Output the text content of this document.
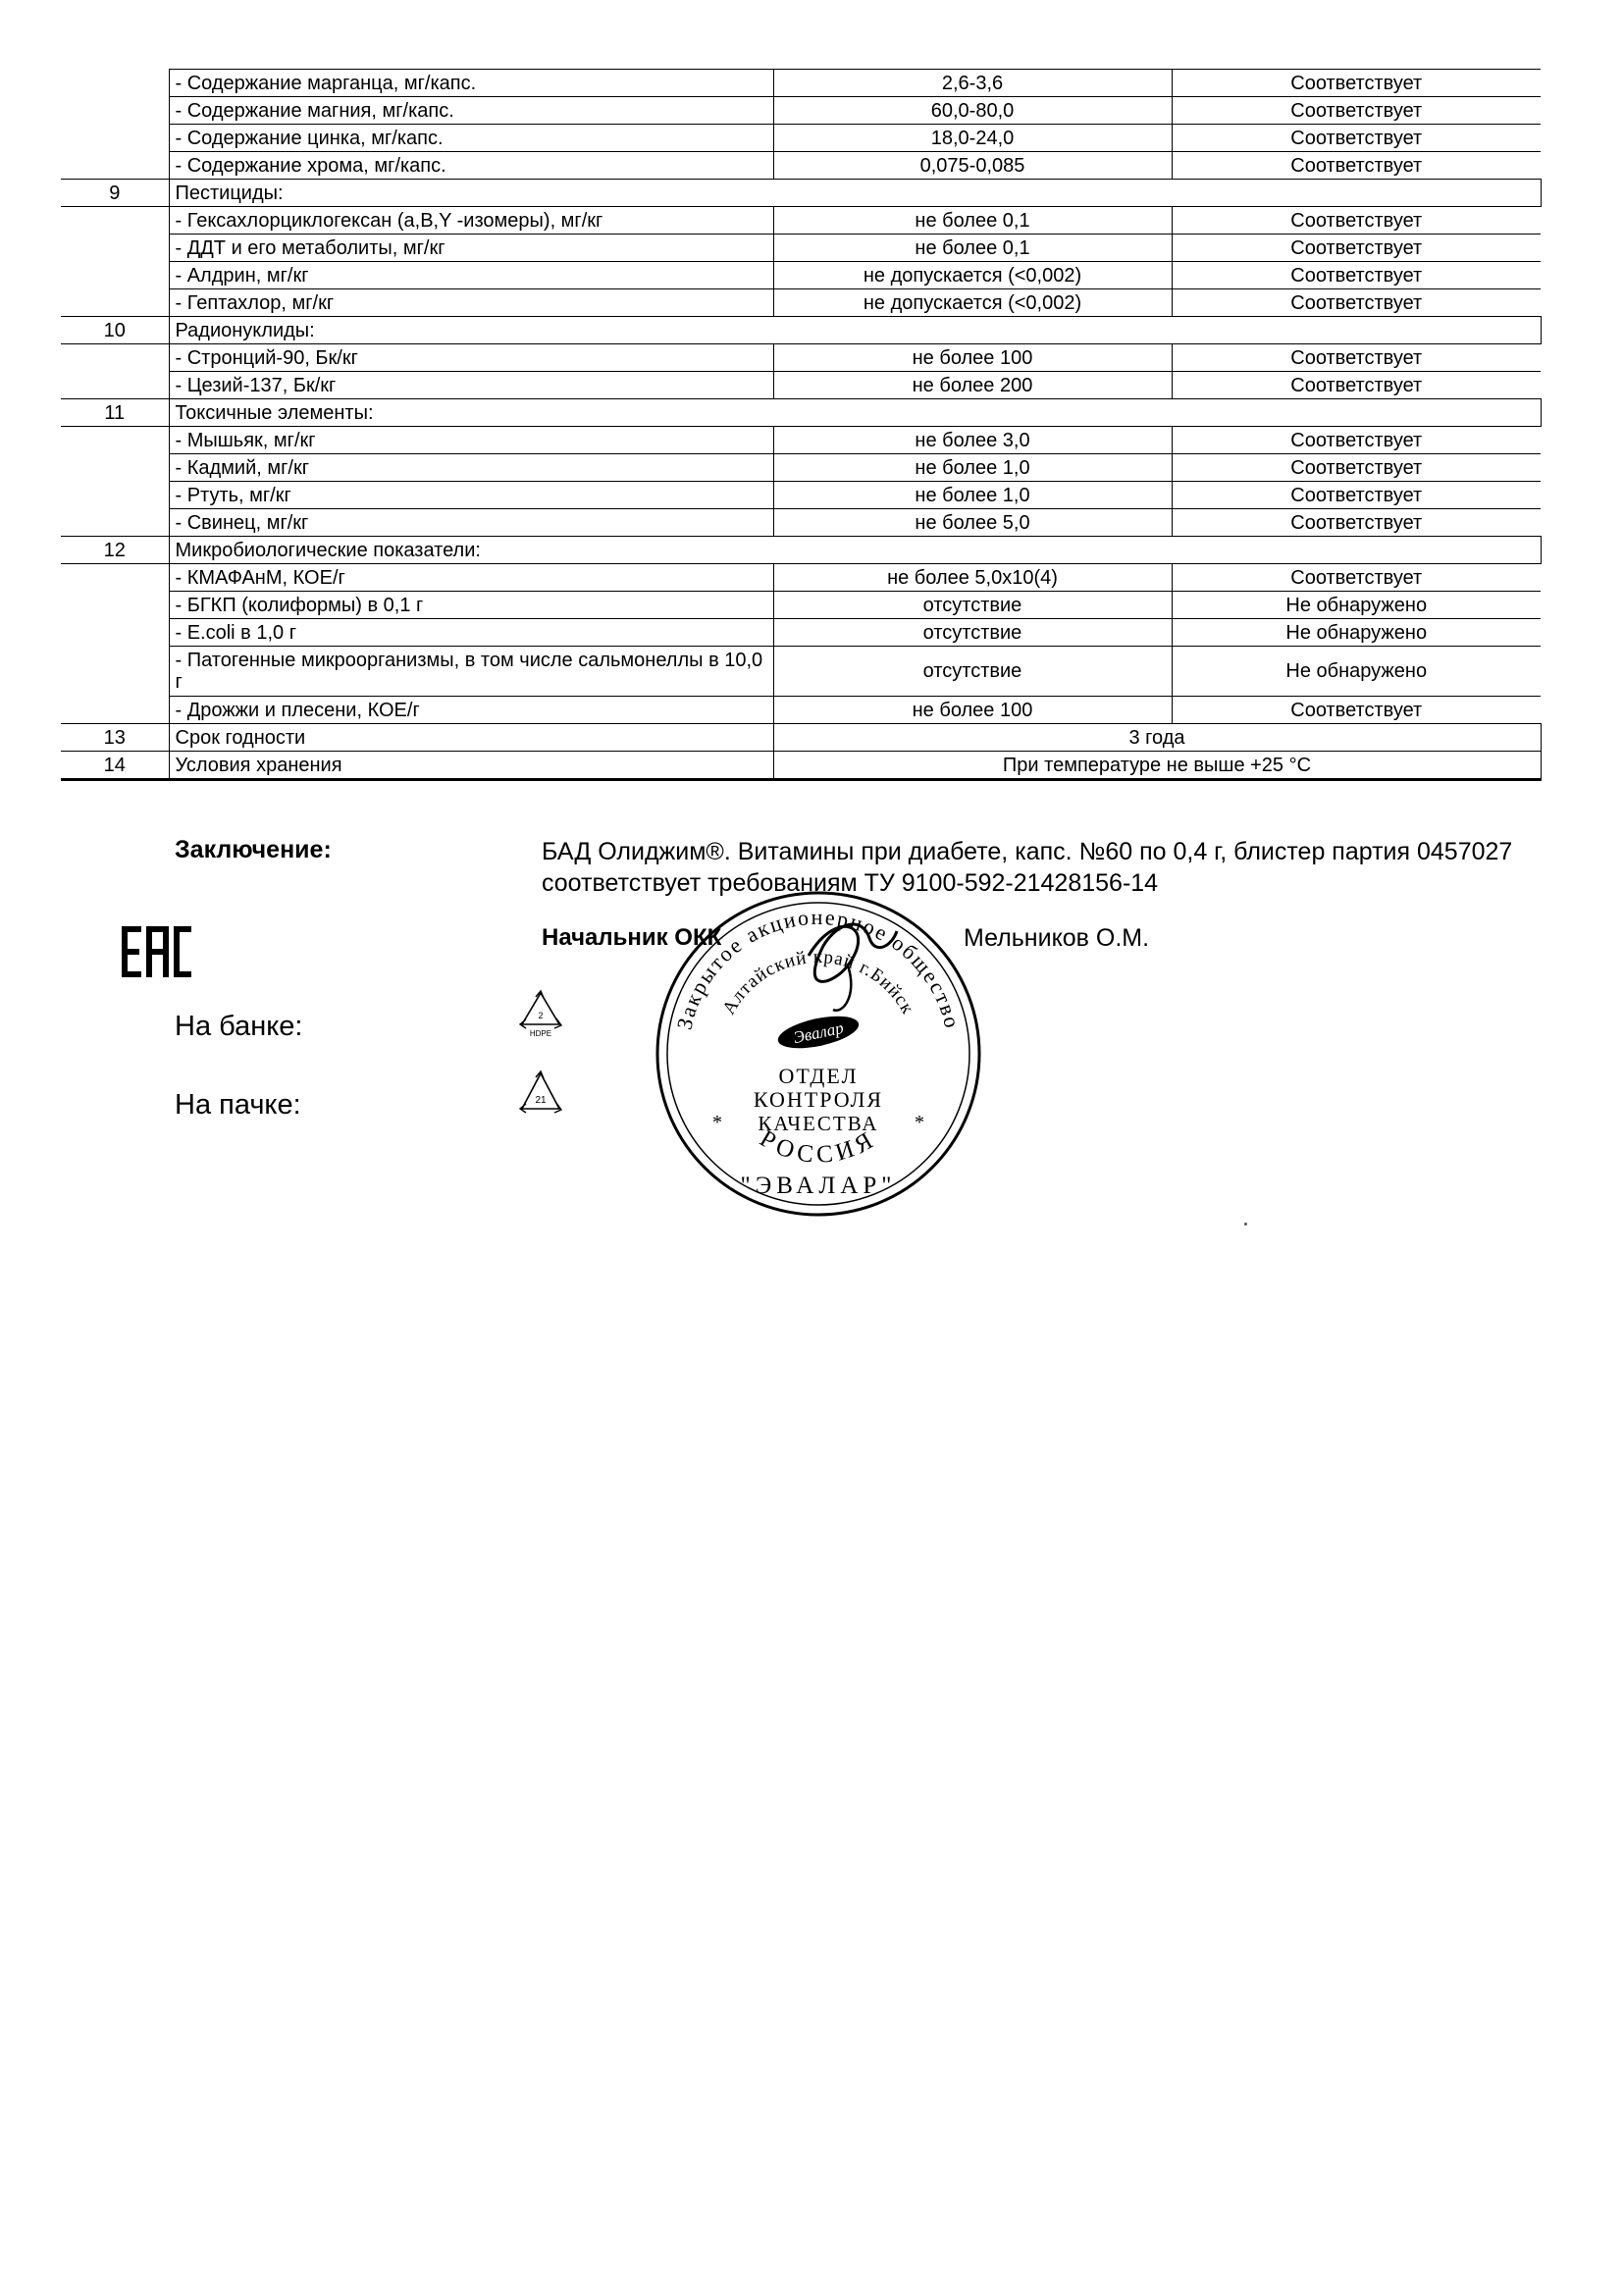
	- Содержание марганца, мг/капс.	2,6-3,6	Соответствует
	- Содержание магния, мг/капс.	60,0-80,0	Соответствует
	- Содержание цинка, мг/капс.	18,0-24,0	Соответствует
	- Содержание хрома, мг/капс.	0,075-0,085	Соответствует
9	Пестициды:		
	- Гексахлорциклогексан (а,В,Y -изомеры), мг/кг	не более 0,1	Соответствует
	- ДДТ и его метаболиты, мг/кг	не более 0,1	Соответствует
	- Алдрин, мг/кг	не допускается (<0,002)	Соответствует
	- Гептахлор, мг/кг	не допускается (<0,002)	Соответствует
10	Радионуклиды:		
	- Стронций-90, Бк/кг	не более 100	Соответствует
	- Цезий-137, Бк/кг	не более 200	Соответствует
11	Токсичные элементы:		
	- Мышьяк, мг/кг	не более 3,0	Соответствует
	- Кадмий, мг/кг	не более 1,0	Соответствует
	- Ртуть, мг/кг	не более 1,0	Соответствует
	- Свинец, мг/кг	не более 5,0	Соответствует
12	Микробиологические показатели:		
	- КМАФАнМ, КОЕ/г	не более 5,0x10(4)	Соответствует
	- БГКП (колиформы) в 0,1 г	отсутствие	Не обнаружено
	- E.coli в 1,0 г	отсутствие	Не обнаружено
	- Патогенные микроорганизмы, в том числе сальмонеллы в 10,0 г	отсутствие	Не обнаружено
	- Дрожжи и плесени, КОЕ/г	не более 100	Соответствует
13	Срок годности	3 года	
14	Условия хранения	При температуре не выше +25 °С	
Заключение:	БАД Олиджим®. Витамины при диабете, капс. №60 по 0,4 г, блистер партия 0457027 соответствует требованиям ТУ 9100-592-21428156-14
Начальник ОКК	Мельников О.М.
На банке:
На пачке:
2
HDPE
21
Закрытое акционерное общество
Алтайский край г.Бийск
Эвалар
ОТДЕЛ
КОНТРОЛЯ
КАЧЕСТВА
*	*
РОССИЯ
"ЭВАЛАР"
